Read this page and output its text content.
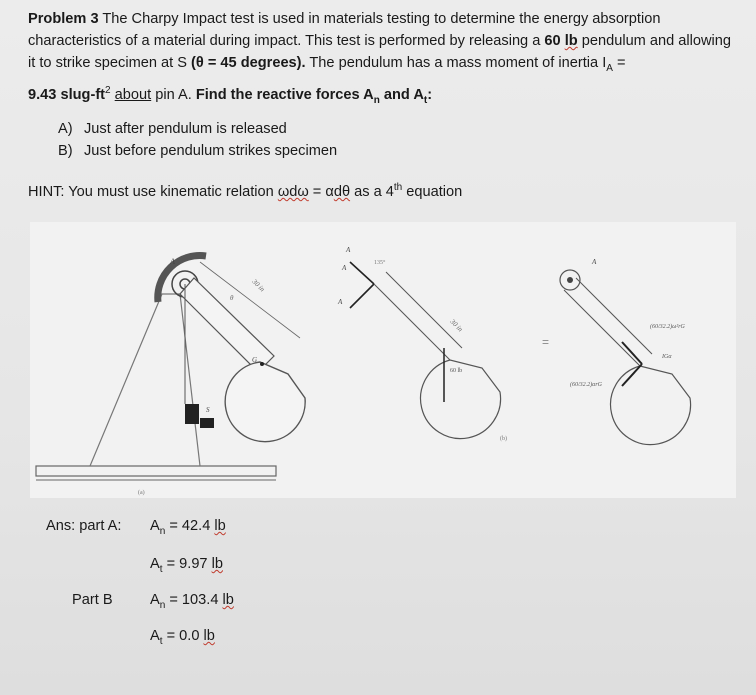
Problem 3 The Charpy Impact test is used in materials testing to determine the energy absorption characteristics of a material during impact. This test is performed by releasing a 60 lb pendulum and allowing it to strike specimen at S (θ = 45 degrees). The pendulum has a mass moment of inertia $I_A$ =
9.43 slug-$ft^2$ about pin A. Find the reactive forces $A_n$ and $A_t$:
A) Just after pendulum is released
B) Just before pendulum strikes specimen
HINT: You must use kinematic relation ωdω = αdθ as a 4th equation
A
G
30 in
θ
S
(a)
A
A
A
135°
60 lb
30 in
(b)
=
A
(60/32.2)ω²rG
(60/32.2)αrG
IGα
Ans: part A: $A_n = 42.4$ lb
$A_t = 9.97$ lb
Part B	$A_n = 103.4$ lb
$A_t = 0.0$ lb
